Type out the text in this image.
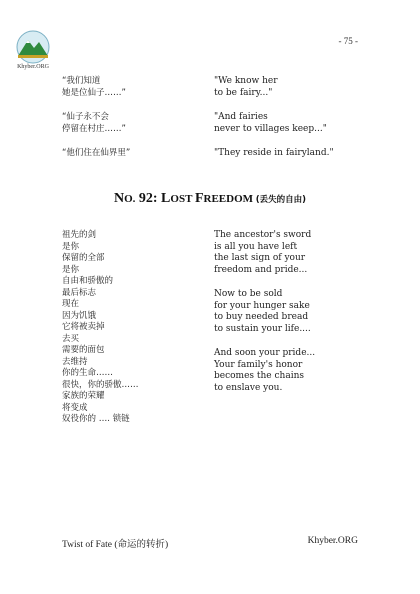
Khyber.ORG
- 75 -
“我们知道
她是位仙子……”
“仙子永不会
停留在村庄……”
“他们住在仙界里”
"We know her
to be fairy..."
"And fairies
never to villages keep..."
"They reside in fairyland."
NO. 92: LOST FREEDOM (丢失的自由)
祖先的剑
是你
保留的全部
是你
自由和骄傲的
最后标志
现在
因为饥饿
它将被卖掉
去买
需要的面包
去维持
你的生命……
很快，你的骄傲……
家族的荣耀
将变成
奴役你的 …. 锁链
The ancestor's sword
is all you have left
the last sign of your
freedom and pride...
Now to be sold
for your hunger sake
to buy needed bread
to sustain your life....
And soon your pride...
Your family's honor
becomes the chains
to enslave you.
Twist of Fate (命运的转折)	Khyber.ORG
